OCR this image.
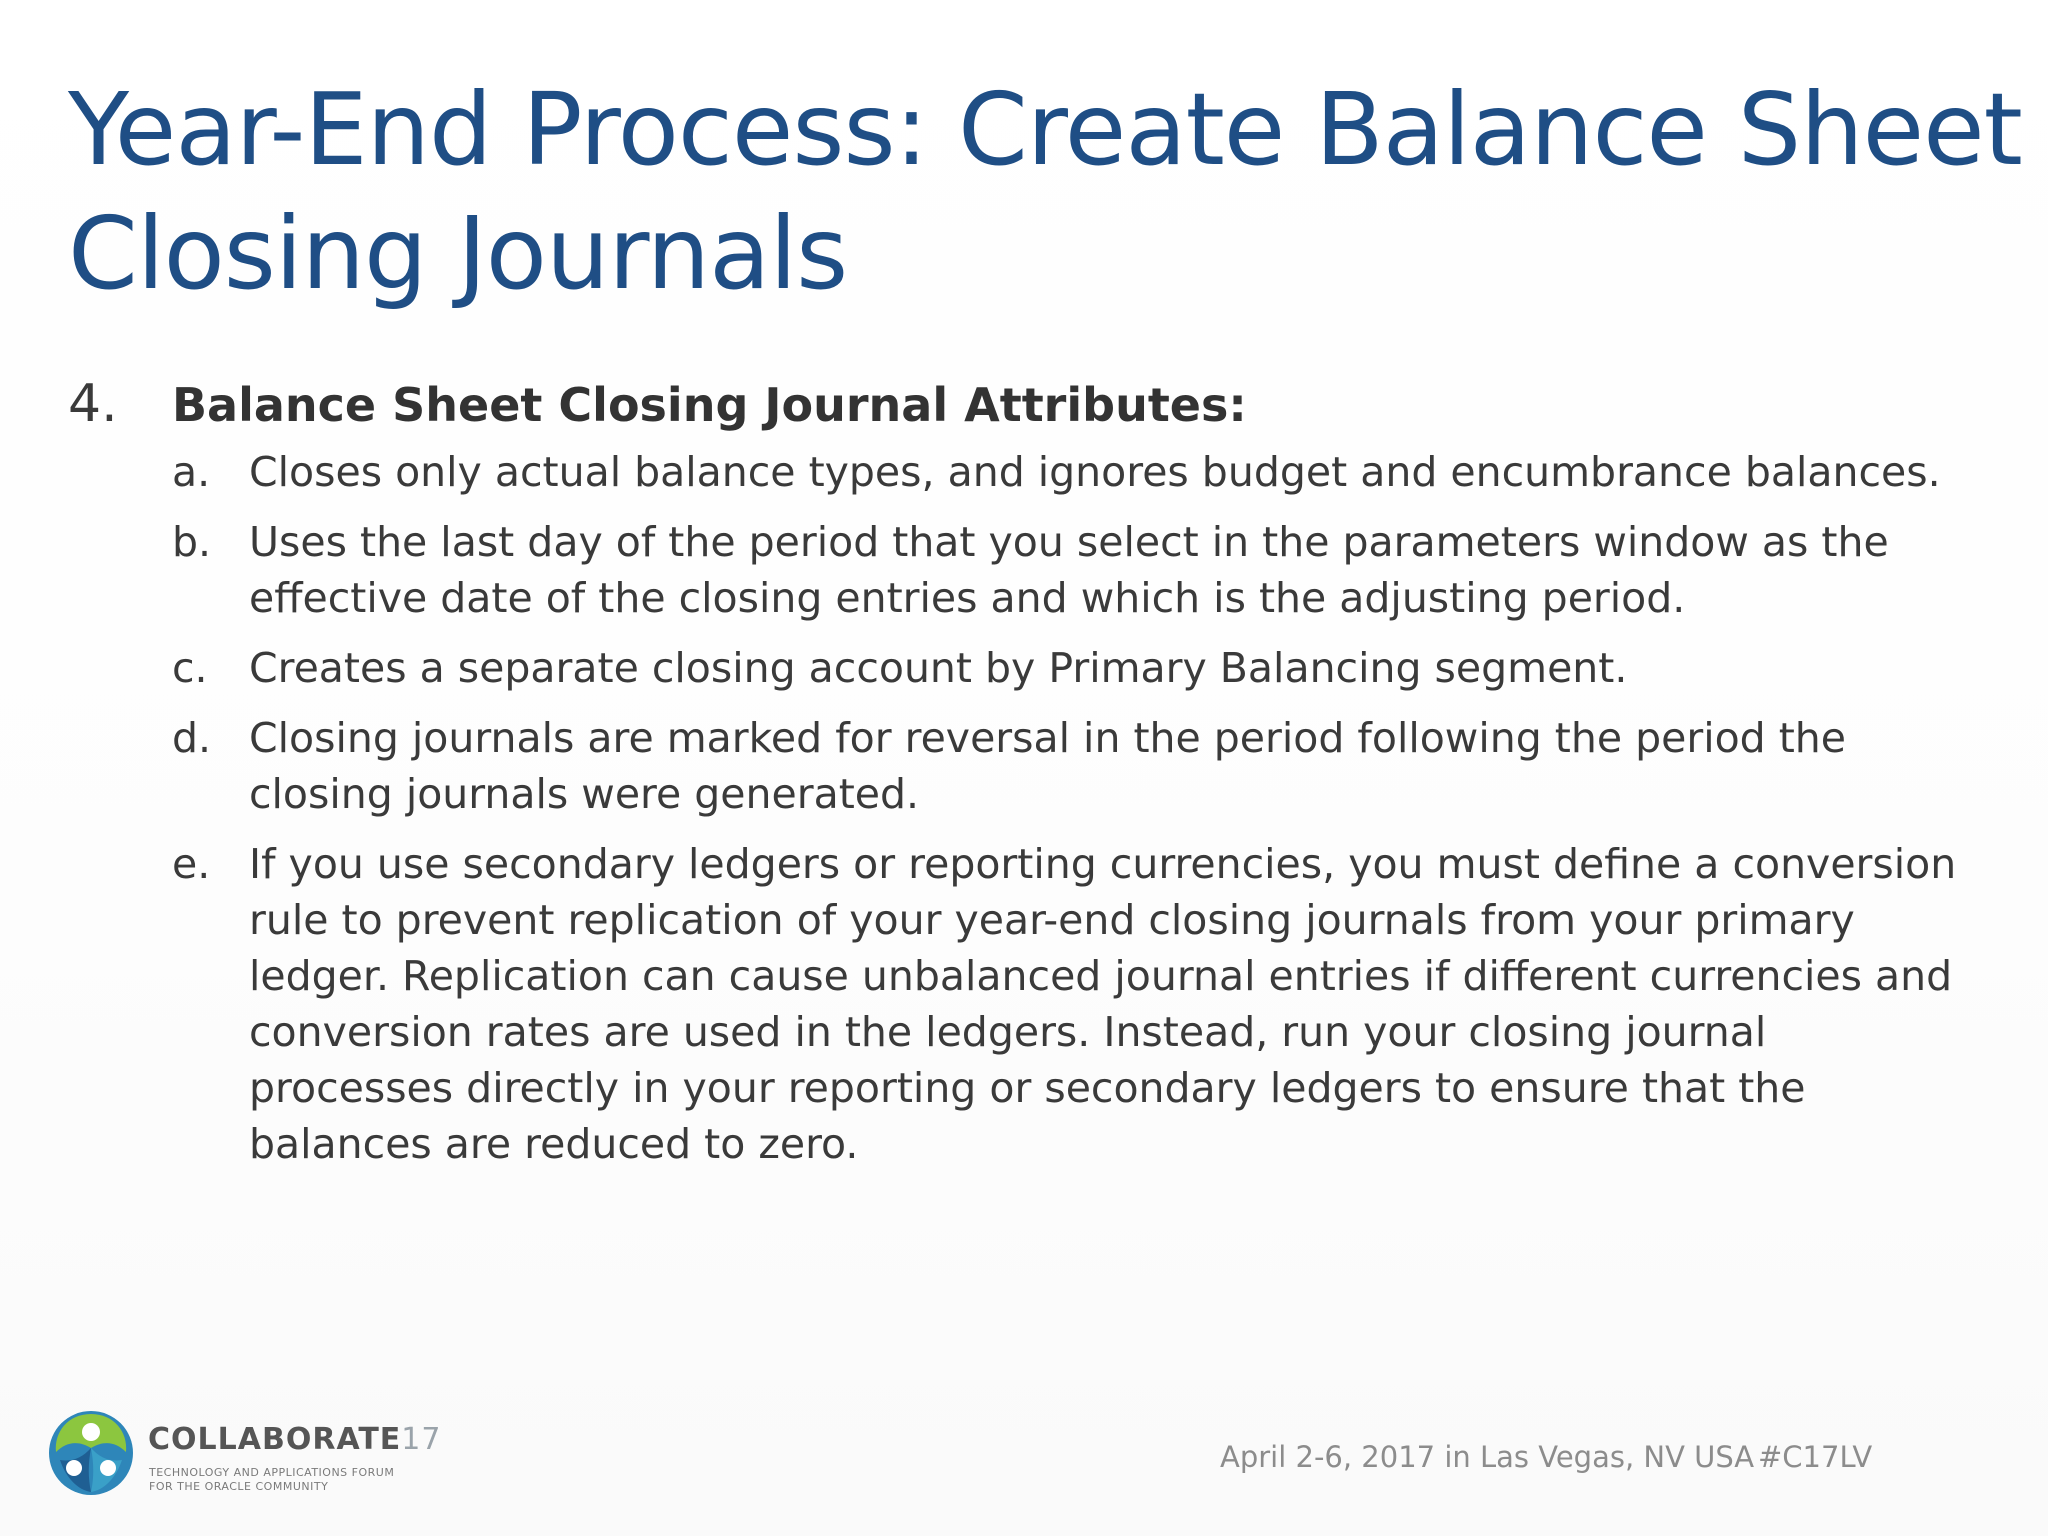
Year-End Process: Create Balance Sheet
Closing Journals
4. Balance Sheet Closing Journal Attributes:
a. Closes only actual balance types, and ignores budget and encumbrance balances.
b. Uses the last day of the period that you select in the parameters window as the
effective date of the closing entries and which is the adjusting period.
c. Creates a separate closing account by Primary Balancing segment.
d. Closing journals are marked for reversal in the period following the period the
closing journals were generated.
e. If you use secondary ledgers or reporting currencies, you must define a conversion
rule to prevent replication of your year-end closing journals from your primary
ledger. Replication can cause unbalanced journal entries if different currencies and
conversion rates are used in the ledgers. Instead, run your closing journal
processes directly in your reporting or secondary ledgers to ensure that the
balances are reduced to zero.
COLLABORATE17
TECHNOLOGY AND APPLICATIONS FORUM
FOR THE ORACLE COMMUNITY
April 2-6, 2017 in Las Vegas, NV USA #C17LV
